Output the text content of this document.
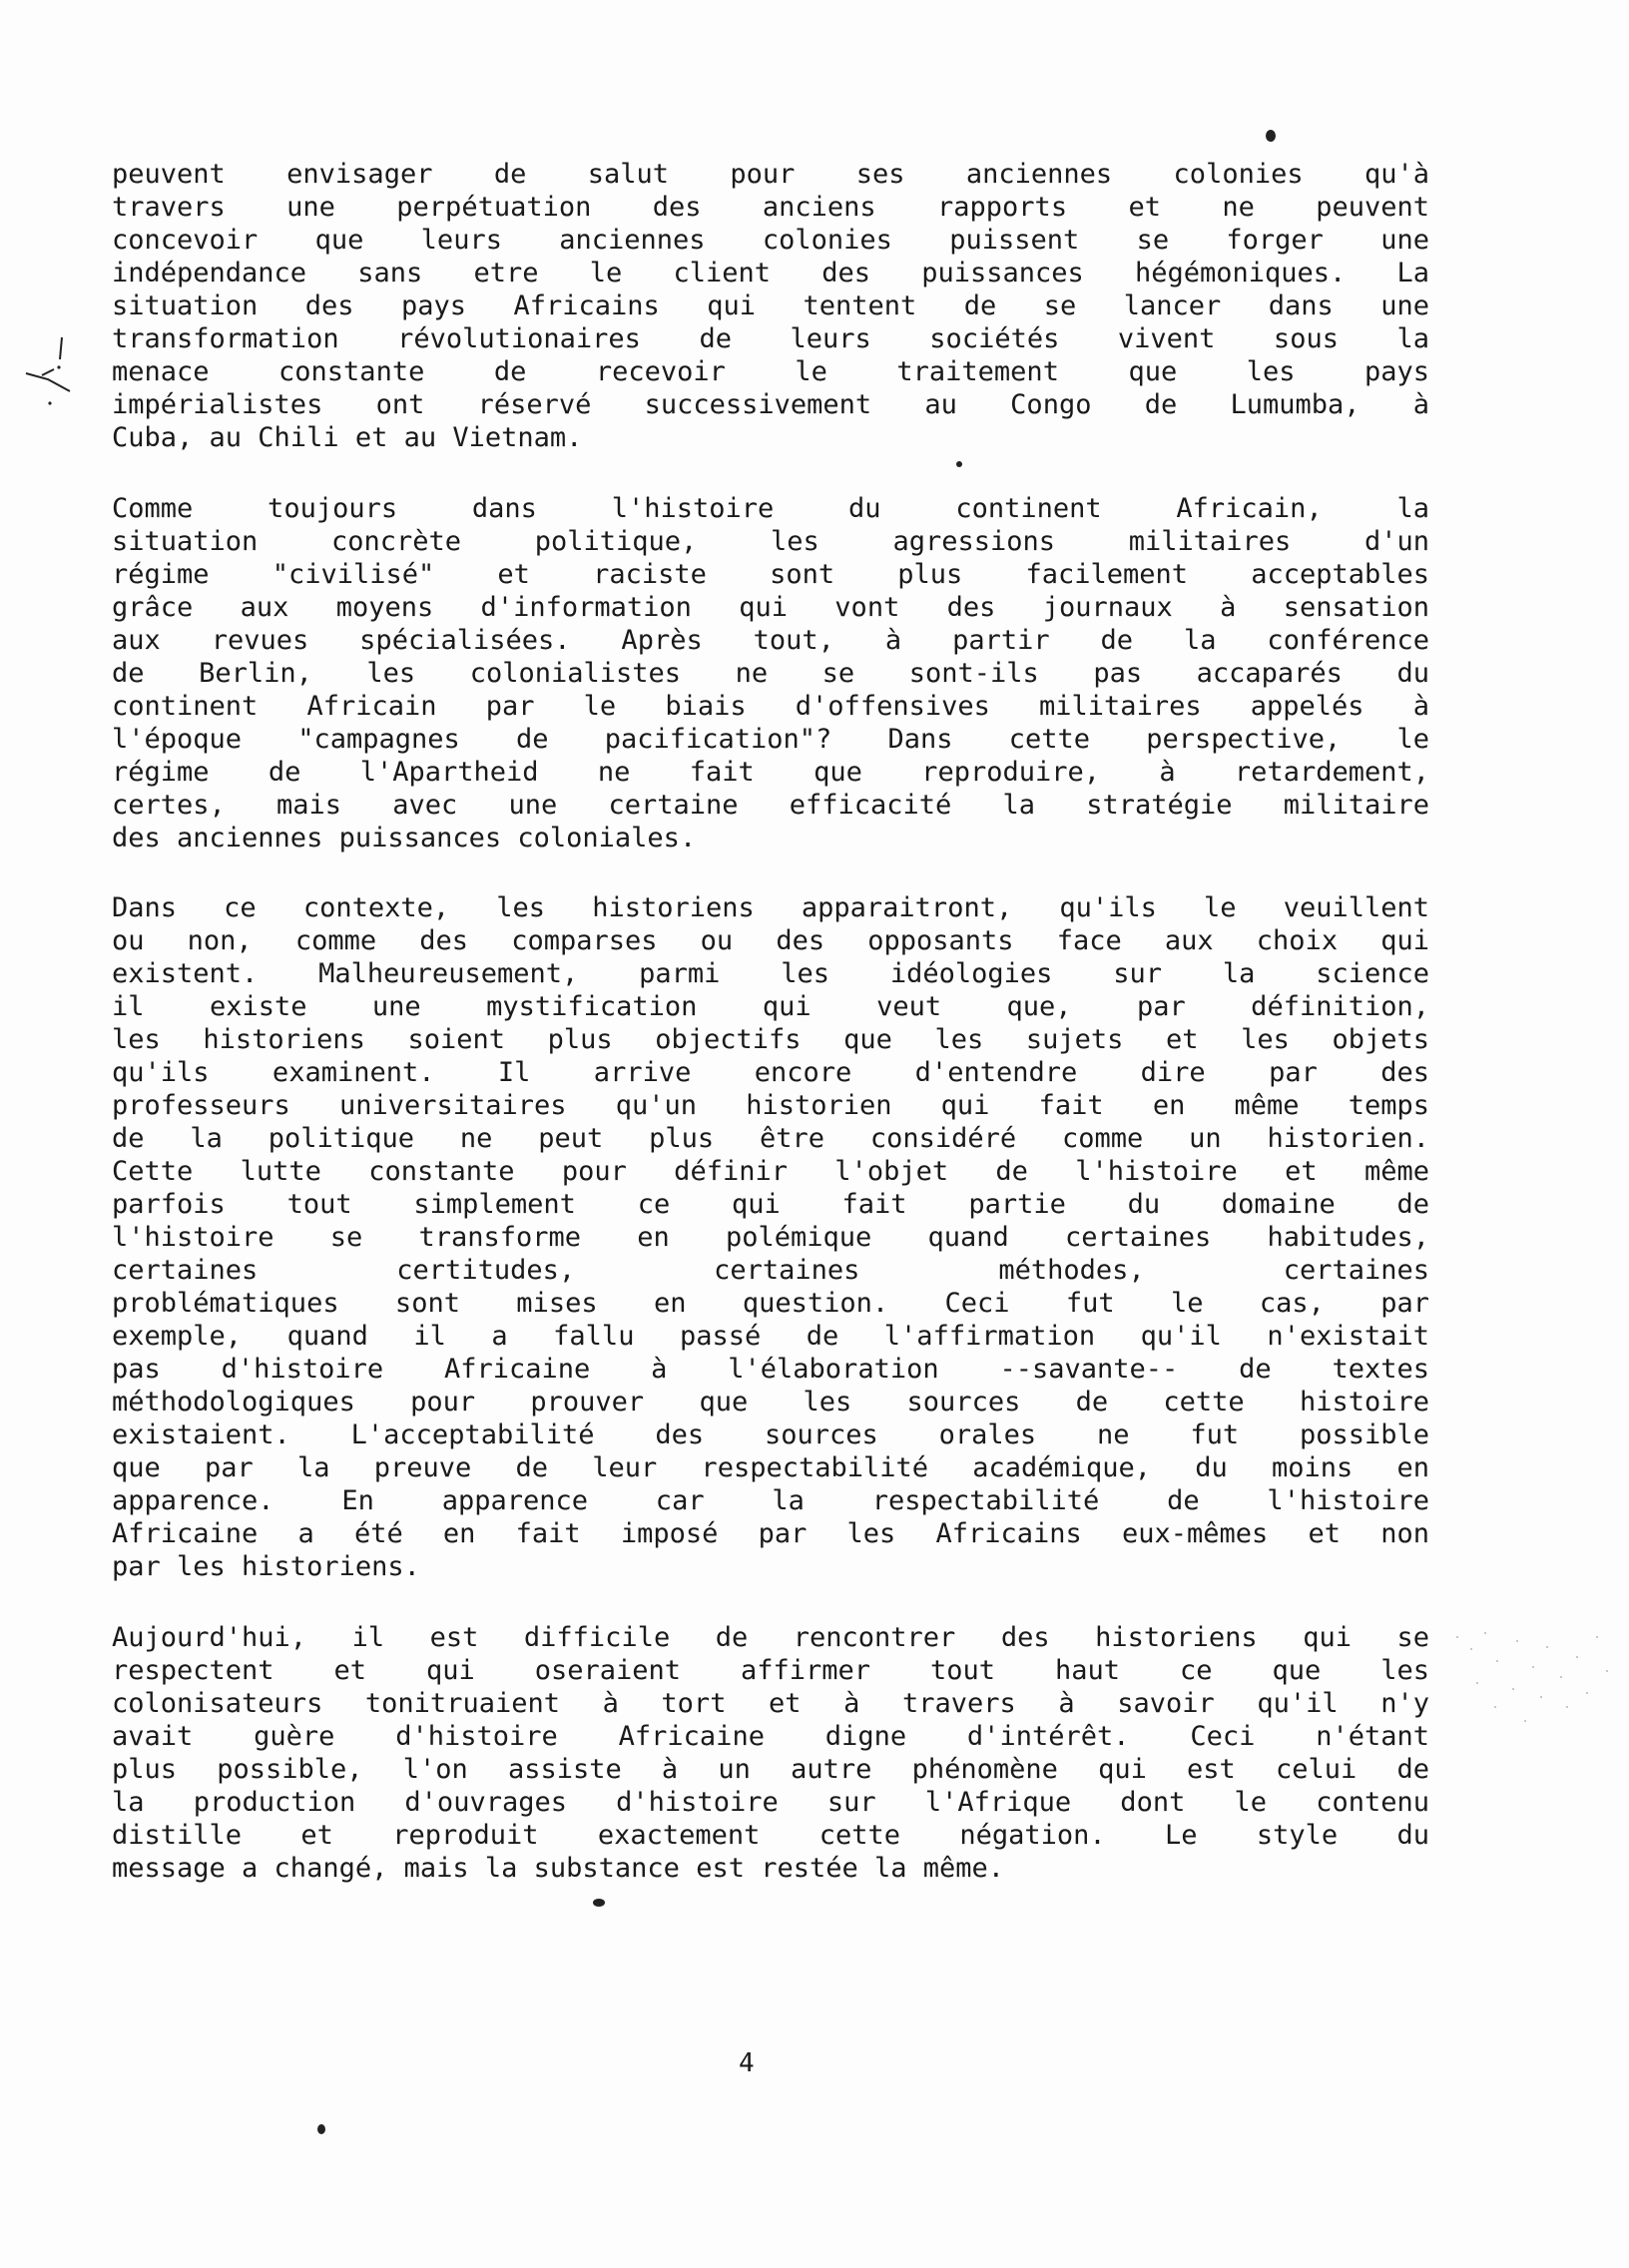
peuvent envisager de salut pour ses anciennes colonies qu'à
travers une perpétuation des anciens rapports et ne peuvent
concevoir que leurs anciennes colonies puissent se forger une
indépendance sans etre le client des puissances hégémoniques. La
situation des pays Africains qui tentent de se lancer dans une
transformation révolutionaires de leurs sociétés vivent sous la
menace constante de recevoir le traitement que les pays
impérialistes ont réservé successivement au Congo de Lumumba, à
Cuba, au Chili et au Vietnam.
Comme toujours dans l'histoire du continent Africain, la
situation concrète politique, les agressions militaires d'un
régime "civilisé" et raciste sont plus facilement acceptables
grâce aux moyens d'information qui vont des journaux à sensation
aux revues spécialisées. Après tout, à partir de la conférence
de Berlin, les colonialistes ne se sont-ils pas accaparés du
continent Africain par le biais d'offensives militaires appelés à
l'époque "campagnes de pacification"? Dans cette perspective, le
régime de l'Apartheid ne fait que reproduire, à retardement,
certes, mais avec une certaine efficacité la stratégie militaire
des anciennes puissances coloniales.
Dans ce contexte, les historiens apparaitront, qu'ils le veuillent
ou non, comme des comparses ou des opposants face aux choix qui
existent. Malheureusement, parmi les idéologies sur la science
il existe une mystification qui veut que, par définition,
les historiens soient plus objectifs que les sujets et les objets
qu'ils examinent. Il arrive encore d'entendre dire par des
professeurs universitaires qu'un historien qui fait en même temps
de la politique ne peut plus être considéré comme un historien.
Cette lutte constante pour définir l'objet de l'histoire et même
parfois tout simplement ce qui fait partie du domaine de
l'histoire se transforme en polémique quand certaines habitudes,
certaines certitudes, certaines méthodes, certaines
problématiques sont mises en question. Ceci fut le cas, par
exemple, quand il a fallu passé de l'affirmation qu'il n'existait
pas d'histoire Africaine à l'élaboration --savante-- de textes
méthodologiques pour prouver que les sources de cette histoire
existaient. L'acceptabilité des sources orales ne fut possible
que par la preuve de leur respectabilité académique, du moins en
apparence. En apparence car la respectabilité de l'histoire
Africaine a été en fait imposé par les Africains eux-mêmes et non
par les historiens.
Aujourd'hui, il est difficile de rencontrer des historiens qui se
respectent et qui oseraient affirmer tout haut ce que les
colonisateurs tonitruaient à tort et à travers à savoir qu'il n'y
avait guère d'histoire Africaine digne d'intérêt. Ceci n'étant
plus possible, l'on assiste à un autre phénomène qui est celui de
la production d'ouvrages d'histoire sur l'Afrique dont le contenu
distille et reproduit exactement cette négation. Le style du
message a changé, mais la substance est restée la même.
4
